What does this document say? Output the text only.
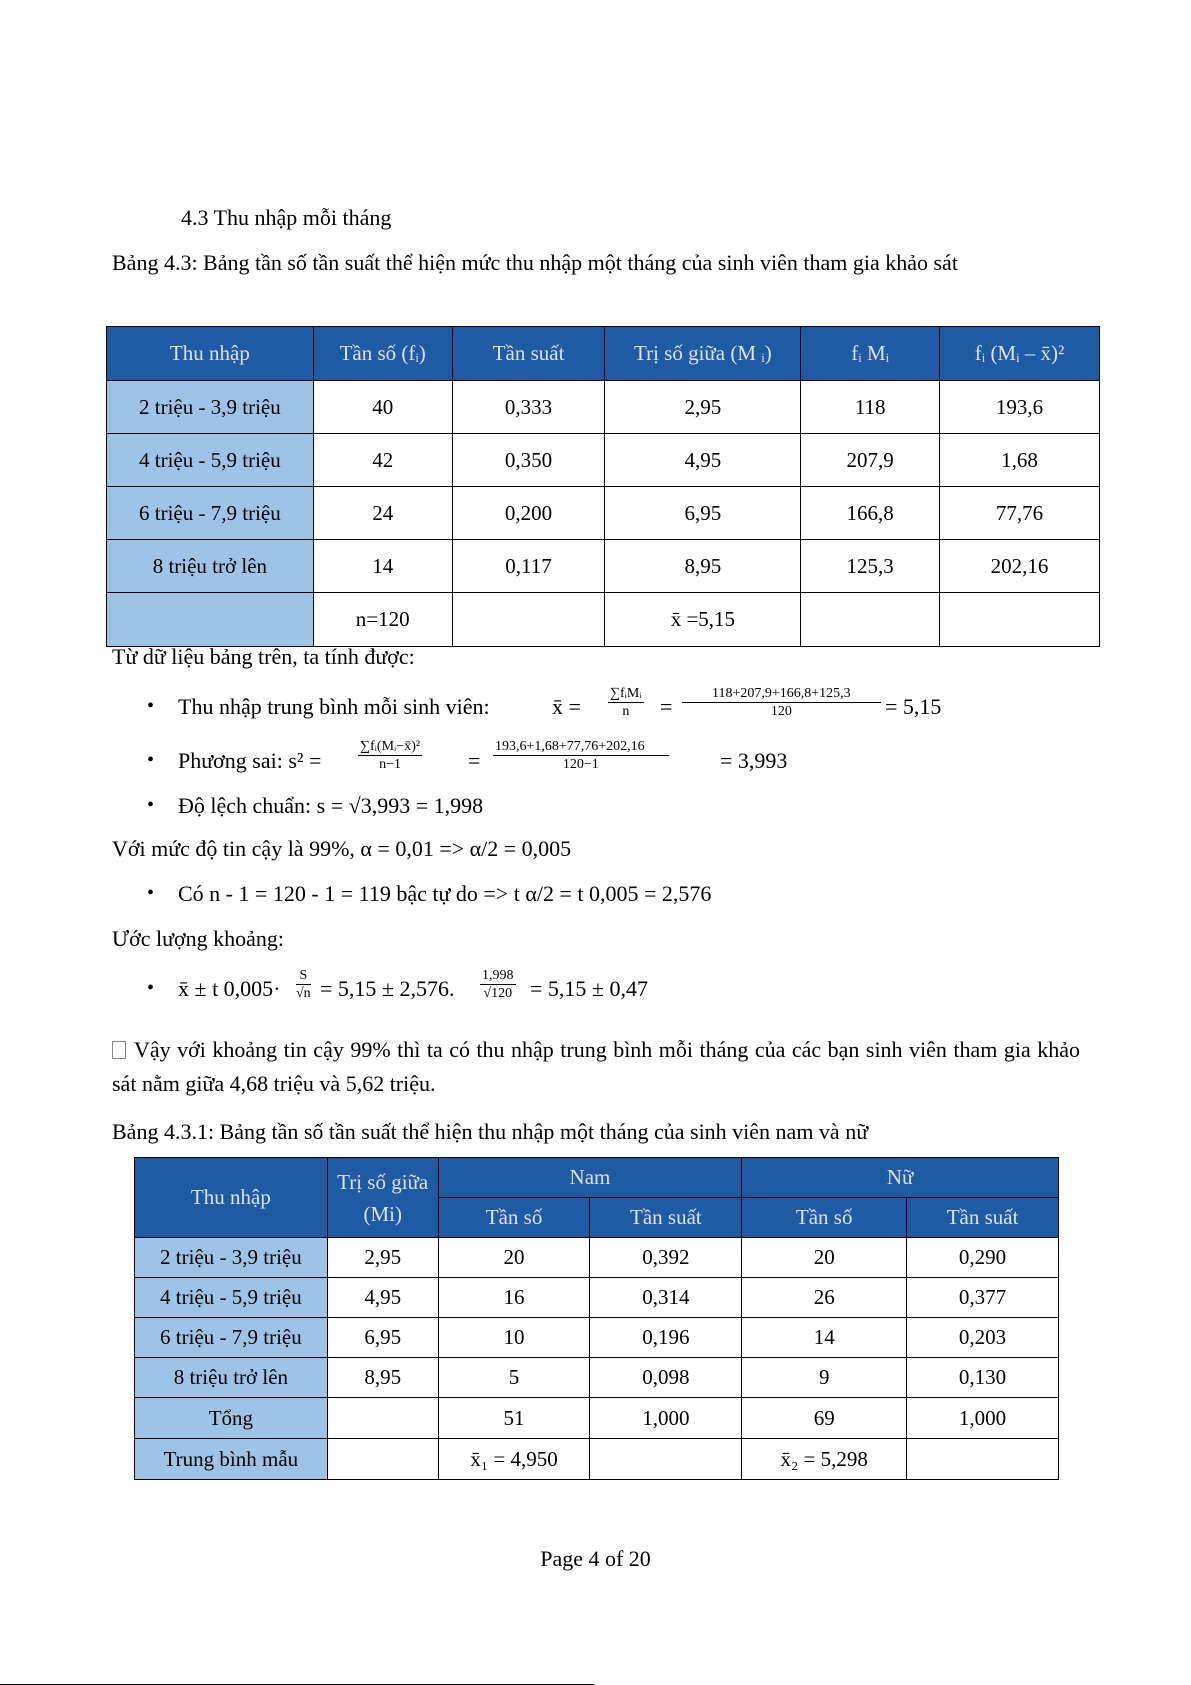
4.3 Thu nhập mỗi tháng
Bảng 4.3: Bảng tần số tần suất thể hiện mức thu nhập một tháng của sinh viên tham gia khảo sát
Thu nhập	Tần số (fᵢ)	Tần suất	Trị số giữa (M ᵢ)	fᵢ Mᵢ	fᵢ (Mᵢ – x̄)²
2 triệu - 3,9 triệu	40	0,333	2,95	118	193,6
4 triệu - 5,9 triệu	42	0,350	4,95	207,9	1,68
6 triệu - 7,9 triệu	24	0,200	6,95	166,8	77,76
8 triệu trở lên	14	0,117	8,95	125,3	202,16
	n=120		x̄ =5,15		
Từ dữ liệu bảng trên, ta tính được:
• Thu nhập trung bình mỗi sinh viên:	x̄ = $\frac{\text{∑fᵢMᵢ}}{n} = \frac{118+207,9+166,8+125,3}{120} = 5,15$
• Phương sai: s² =	$\frac{\text{∑fᵢ(Mᵢ−x̄)²}}{n-1} = \frac{193,6+1,68+77,76+202,16}{120-1} = 3,993$
• Độ lệch chuẩn: s = √3,993 = 1,998
Với mức độ tin cậy là 99%, α = 0,01 => α/2 = 0,005
• Có n - 1 = 120 - 1 = 119 bậc tự do => t α/2 = t 0,005 = 2,576
Ước lượng khoảng:
• x̄ ± t $0,005\cdot \frac{S}{√n} = 5,15 \pm 2,576$. $\frac{1,998}{√120} = 5,15 \pm 0,47$
Vậy với khoảng tin cậy 99% thì ta có thu nhập trung bình mỗi tháng của các bạn sinh viên tham gia khảo sát nằm giữa 4,68 triệu và 5,62 triệu.
Bảng 4.3.1: Bảng tần số tần suất thể hiện thu nhập một tháng của sinh viên nam và nữ
Thu nhập	Trị số giữa (Mi)	Nam		Nữ	
		Tần số	Tần suất	Tần số	Tần suất
2 triệu - 3,9 triệu	2,95	20	0,392	20	0,290
4 triệu - 5,9 triệu	4,95	16	0,314	26	0,377
6 triệu - 7,9 triệu	6,95	10	0,196	14	0,203
8 triệu trở lên	8,95	5	0,098	9	0,130
Tổng		51	1,000	69	1,000
Trung bình mẫu		x̄₁ = 4,950		x̄₂ = 5,298	
Page 4 of 20
